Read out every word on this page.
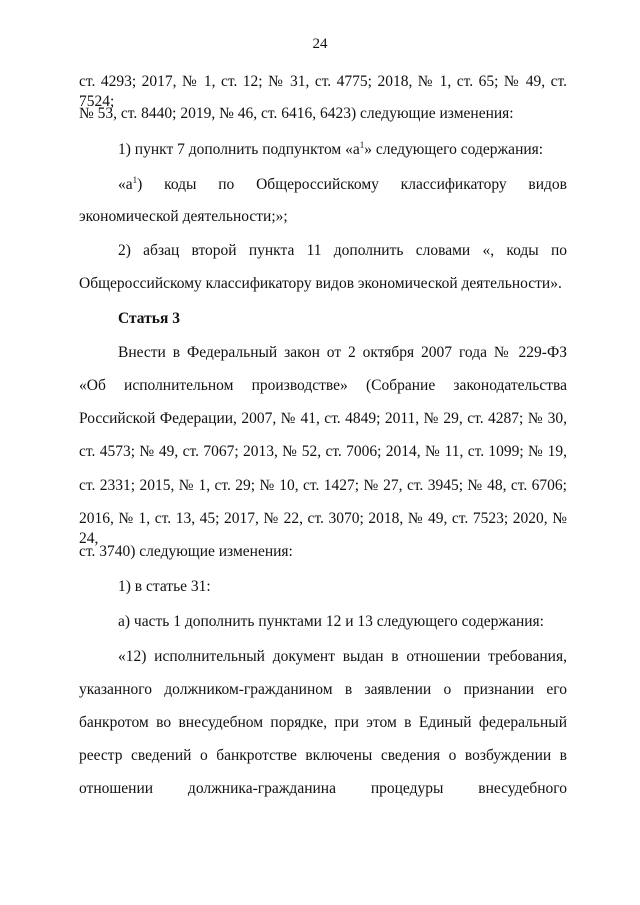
24
ст. 4293; 2017, № 1, ст. 12; № 31, ст. 4775; 2018, № 1, ст. 65; № 49, ст. 7524;
№ 53, ст. 8440; 2019, № 46, ст. 6416, 6423) следующие изменения:
1) пункт 7 дополнить подпунктом «$а^1$» следующего содержания:
«$а^1$) коды по Общероссийскому классификатору видов
экономической деятельности;»;
2) абзац второй пункта 11 дополнить словами «, коды по
Общероссийскому классификатору видов экономической деятельности».
Статья 3
Внести в Федеральный закон от 2 октября 2007 года № 229-ФЗ
«Об исполнительном производстве» (Собрание законодательства
Российской Федерации, 2007, № 41, ст. 4849; 2011, № 29, ст. 4287; № 30,
ст. 4573; № 49, ст. 7067; 2013, № 52, ст. 7006; 2014, № 11, ст. 1099; № 19,
ст. 2331; 2015, № 1, ст. 29; № 10, ст. 1427; № 27, ст. 3945; № 48, ст. 6706;
2016, № 1, ст. 13, 45; 2017, № 22, ст. 3070; 2018, № 49, ст. 7523; 2020, № 24,
ст. 3740) следующие изменения:
1) в статье 31:
а) часть 1 дополнить пунктами 12 и 13 следующего содержания:
«12) исполнительный документ выдан в отношении требования,
указанного должником-гражданином в заявлении о признании его
банкротом во внесудебном порядке, при этом в Единый федеральный
реестр сведений о банкротстве включены сведения о возбуждении в
отношении должника-гражданина процедуры внесудебного
